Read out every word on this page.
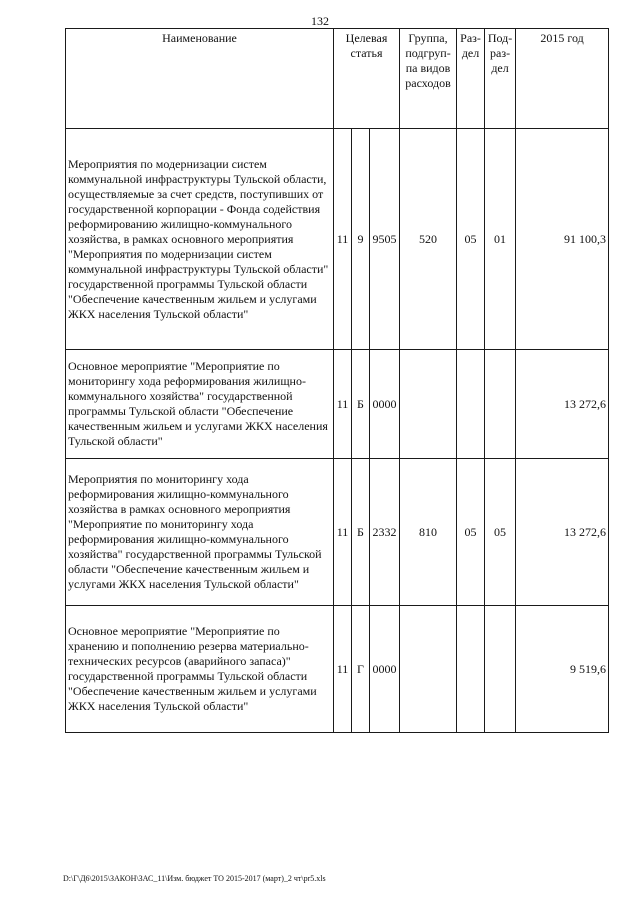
132
Наименование	Целевая статья			Группа, подгруп-па видов расходов	Раз-дел	Под-раз-дел	2015 год
Мероприятия по модернизации систем коммунальной инфраструктуры Тульской области, осуществляемые за счет средств, поступивших от государственной корпорации - Фонда содействия реформированию жилищно-коммунального хозяйства, в рамках основного мероприятия "Мероприятия по модернизации систем коммунальной инфраструктуры Тульской области" государственной программы Тульской области "Обеспечение качественным жильем и услугами ЖКХ населения Тульской области"	11	9	9505	520	05	01	91 100,3
Основное мероприятие "Мероприятие по мониторингу хода реформирования жилищно-коммунального хозяйства" государственной программы Тульской области "Обеспечение качественным жильем и услугами ЖКХ населения Тульской области"	11	Б	0000				13 272,6
Мероприятия по мониторингу хода реформирования жилищно-коммунального хозяйства в рамках основного мероприятия "Мероприятие по мониторингу хода реформирования жилищно-коммунального хозяйства" государственной программы Тульской области "Обеспечение качественным жильем и услугами ЖКХ населения Тульской области"	11	Б	2332	810	05	05	13 272,6
Основное мероприятие "Мероприятие по хранению и пополнению резерва материально-технических ресурсов (аварийного запаса)" государственной программы Тульской области "Обеспечение качественным жильем и услугами ЖКХ населения Тульской области"	11	Г	0000				9 519,6
D:\Г\Д6\2015\ЗАКОН\ЗАС_11\Изм. бюджет ТО 2015-2017 (март)_2 чт\pr5.xls
